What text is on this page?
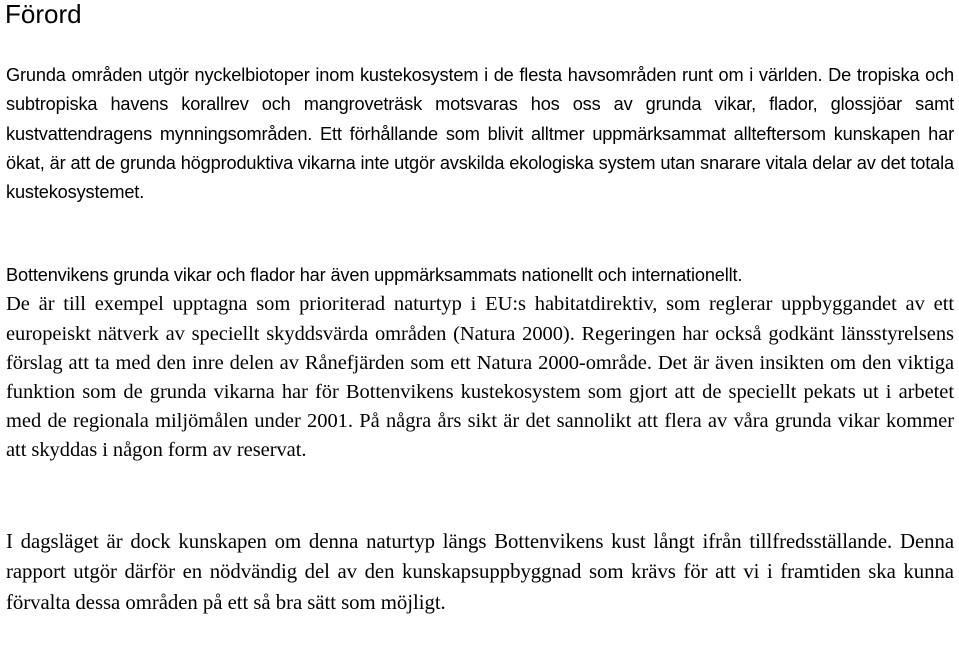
Förord

Grunda områden utgör nyckelbiotoper inom kustekosystem i de flesta havsområden runt om i världen. De tropiska och subtropiska havens korallrev och mangroveträsk motsvaras hos oss av grunda vikar, flador, glossjöar samt kustvattendragens mynningsområden. Ett förhållande som blivit alltmer uppmärksammat allteftersom kunskapen har ökat, är att de grunda högproduktiva vikarna inte utgör avskilda ekologiska system utan snarare vitala delar av det totala kustekosystemet.

Bottenvikens grunda vikar och flador har även uppmärksammats nationellt och internationellt.

De är till exempel upptagna som prioriterad naturtyp i EU:s habitatdirektiv, som reglerar uppbyggandet av ett europeiskt nätverk av speciellt skyddsvärda områden (Natura 2000). Regeringen har också godkänt länsstyrelsens förslag att ta med den inre delen av Rånefjärden som ett Natura 2000-område. Det är även insikten om den viktiga funktion som de grunda vikarna har för Bottenvikens kustekosystem som gjort att de speciellt pekats ut i arbetet med de regionala miljömålen under 2001. På några års sikt är det sannolikt att flera av våra grunda vikar kommer att skyddas i någon form av reservat.

I dagsläget är dock kunskapen om denna naturtyp längs Bottenvikens kust långt ifrån tillfredsställande. Denna rapport utgör därför en nödvändig del av den kunskapsuppbyggnad som krävs för att vi i framtiden ska kunna förvalta dessa områden på ett så bra sätt som möjligt.
